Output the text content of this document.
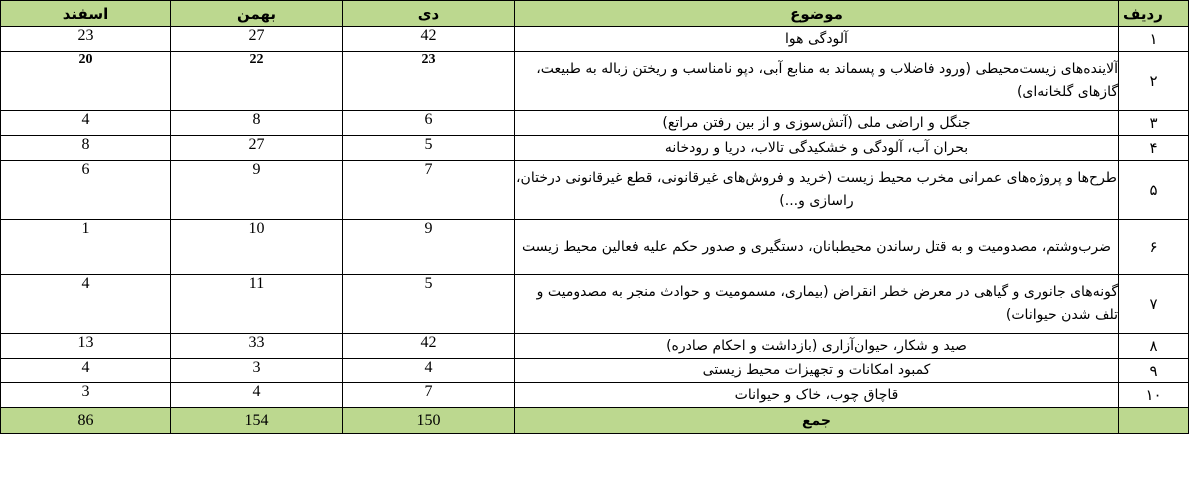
اسفند	بهمن	دی	موضوع	ردیف
23	27	42	آلودگی هوا	۱
20	22	23	آلاینده‌های زیست‌محیطی (ورود فاضلاب و پسماند به منابع آبی، دپو نامناسب و ریختن زباله به طبیعت، گازهای گلخانه‌ای)	۲
4	8	6	جنگل و اراضی ملی (آتش‌سوزی و از بین رفتن مراتع)	۳
8	27	5	بحران آب، آلودگی و خشکیدگی تالاب، دریا و رودخانه	۴
6	9	7	طرح‌ها و پروژه‌های عمرانی مخرب محیط زیست (خرید و فروش‌های غیرقانونی، قطع غیرقانونی درختان، راسازی و...)	۵
1	10	9	ضرب‌وشتم، مصدومیت و به قتل رساندن محیطبانان، دستگیری و صدور حکم علیه فعالین محیط زیست	۶
4	11	5	گونه‌های جانوری و گیاهی در معرض خطر انقراض (بیماری، مسمومیت و حوادث منجر به مصدومیت و تلف شدن حیوانات)	۷
13	33	42	صید و شکار، حیوان‌آزاری (بازداشت و احکام صادره)	۸
4	3	4	کمبود امکانات و تجهیزات محیط زیستی	۹
3	4	7	قاچاق چوب، خاک و حیوانات	۱۰
86	154	150	جمع	
